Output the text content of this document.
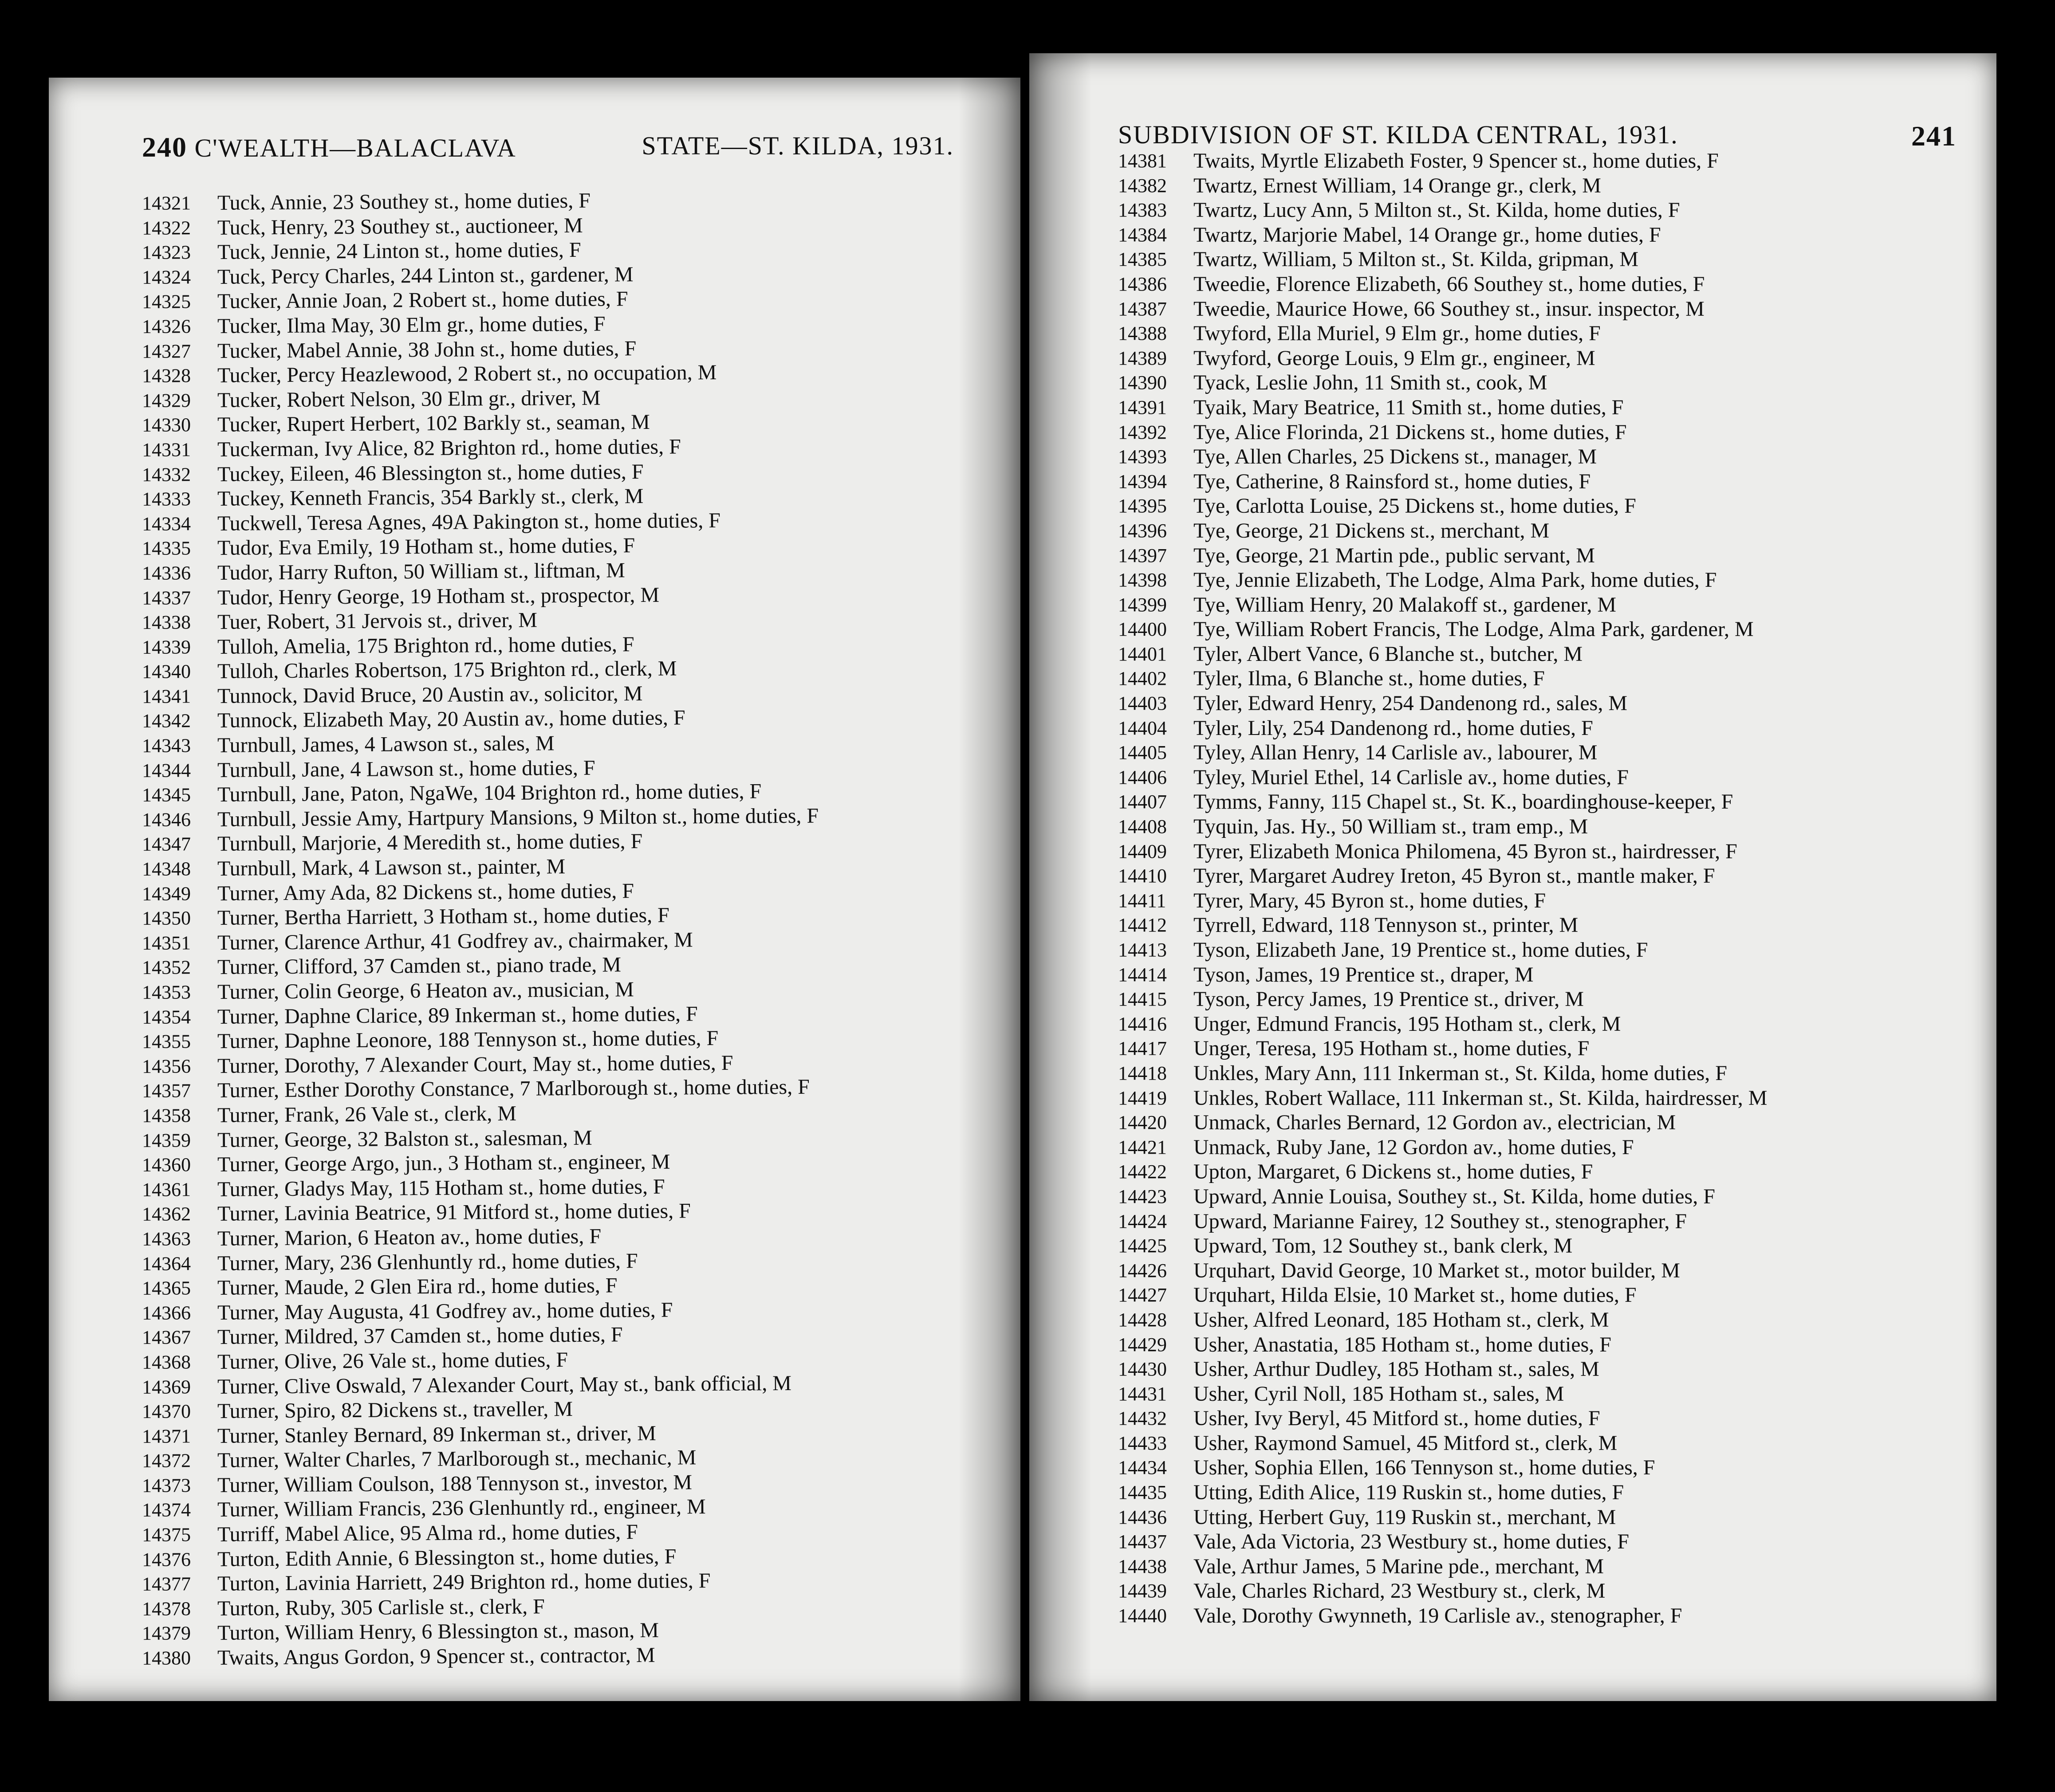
240 C'WEALTH—BALACLAVA	STATE—ST. KILDA, 1931.
14321	Tuck, Annie, 23 Southey st., home duties, F
14322	Tuck, Henry, 23 Southey st., auctioneer, M
14323	Tuck, Jennie, 24 Linton st., home duties, F
14324	Tuck, Percy Charles, 244 Linton st., gardener, M
14325	Tucker, Annie Joan, 2 Robert st., home duties, F
14326	Tucker, Ilma May, 30 Elm gr., home duties, F
14327	Tucker, Mabel Annie, 38 John st., home duties, F
14328	Tucker, Percy Heazlewood, 2 Robert st., no occupation, M
14329	Tucker, Robert Nelson, 30 Elm gr., driver, M
14330	Tucker, Rupert Herbert, 102 Barkly st., seaman, M
14331	Tuckerman, Ivy Alice, 82 Brighton rd., home duties, F
14332	Tuckey, Eileen, 46 Blessington st., home duties, F
14333	Tuckey, Kenneth Francis, 354 Barkly st., clerk, M
14334	Tuckwell, Teresa Agnes, 49A Pakington st., home duties, F
14335	Tudor, Eva Emily, 19 Hotham st., home duties, F
14336	Tudor, Harry Rufton, 50 William st., liftman, M
14337	Tudor, Henry George, 19 Hotham st., prospector, M
14338	Tuer, Robert, 31 Jervois st., driver, M
14339	Tulloh, Amelia, 175 Brighton rd., home duties, F
14340	Tulloh, Charles Robertson, 175 Brighton rd., clerk, M
14341	Tunnock, David Bruce, 20 Austin av., solicitor, M
14342	Tunnock, Elizabeth May, 20 Austin av., home duties, F
14343	Turnbull, James, 4 Lawson st., sales, M
14344	Turnbull, Jane, 4 Lawson st., home duties, F
14345	Turnbull, Jane, Paton, NgaWe, 104 Brighton rd., home duties, F
14346	Turnbull, Jessie Amy, Hartpury Mansions, 9 Milton st., home duties, F
14347	Turnbull, Marjorie, 4 Meredith st., home duties, F
14348	Turnbull, Mark, 4 Lawson st., painter, M
14349	Turner, Amy Ada, 82 Dickens st., home duties, F
14350	Turner, Bertha Harriett, 3 Hotham st., home duties, F
14351	Turner, Clarence Arthur, 41 Godfrey av., chairmaker, M
14352	Turner, Clifford, 37 Camden st., piano trade, M
14353	Turner, Colin George, 6 Heaton av., musician, M
14354	Turner, Daphne Clarice, 89 Inkerman st., home duties, F
14355	Turner, Daphne Leonore, 188 Tennyson st., home duties, F
14356	Turner, Dorothy, 7 Alexander Court, May st., home duties, F
14357	Turner, Esther Dorothy Constance, 7 Marlborough st., home duties, F
14358	Turner, Frank, 26 Vale st., clerk, M
14359	Turner, George, 32 Balston st., salesman, M
14360	Turner, George Argo, jun., 3 Hotham st., engineer, M
14361	Turner, Gladys May, 115 Hotham st., home duties, F
14362	Turner, Lavinia Beatrice, 91 Mitford st., home duties, F
14363	Turner, Marion, 6 Heaton av., home duties, F
14364	Turner, Mary, 236 Glenhuntly rd., home duties, F
14365	Turner, Maude, 2 Glen Eira rd., home duties, F
14366	Turner, May Augusta, 41 Godfrey av., home duties, F
14367	Turner, Mildred, 37 Camden st., home duties, F
14368	Turner, Olive, 26 Vale st., home duties, F
14369	Turner, Clive Oswald, 7 Alexander Court, May st., bank official, M
14370	Turner, Spiro, 82 Dickens st., traveller, M
14371	Turner, Stanley Bernard, 89 Inkerman st., driver, M
14372	Turner, Walter Charles, 7 Marlborough st., mechanic, M
14373	Turner, William Coulson, 188 Tennyson st., investor, M
14374	Turner, William Francis, 236 Glenhuntly rd., engineer, M
14375	Turriff, Mabel Alice, 95 Alma rd., home duties, F
14376	Turton, Edith Annie, 6 Blessington st., home duties, F
14377	Turton, Lavinia Harriett, 249 Brighton rd., home duties, F
14378	Turton, Ruby, 305 Carlisle st., clerk, F
14379	Turton, William Henry, 6 Blessington st., mason, M
14380	Twaits, Angus Gordon, 9 Spencer st., contractor, M
SUBDIVISION OF ST. KILDA CENTRAL, 1931.	241
14381	Twaits, Myrtle Elizabeth Foster, 9 Spencer st., home duties, F
14382	Twartz, Ernest William, 14 Orange gr., clerk, M
14383	Twartz, Lucy Ann, 5 Milton st., St. Kilda, home duties, F
14384	Twartz, Marjorie Mabel, 14 Orange gr., home duties, F
14385	Twartz, William, 5 Milton st., St. Kilda, gripman, M
14386	Tweedie, Florence Elizabeth, 66 Southey st., home duties, F
14387	Tweedie, Maurice Howe, 66 Southey st., insur. inspector, M
14388	Twyford, Ella Muriel, 9 Elm gr., home duties, F
14389	Twyford, George Louis, 9 Elm gr., engineer, M
14390	Tyack, Leslie John, 11 Smith st., cook, M
14391	Tyaik, Mary Beatrice, 11 Smith st., home duties, F
14392	Tye, Alice Florinda, 21 Dickens st., home duties, F
14393	Tye, Allen Charles, 25 Dickens st., manager, M
14394	Tye, Catherine, 8 Rainsford st., home duties, F
14395	Tye, Carlotta Louise, 25 Dickens st., home duties, F
14396	Tye, George, 21 Dickens st., merchant, M
14397	Tye, George, 21 Martin pde., public servant, M
14398	Tye, Jennie Elizabeth, The Lodge, Alma Park, home duties, F
14399	Tye, William Henry, 20 Malakoff st., gardener, M
14400	Tye, William Robert Francis, The Lodge, Alma Park, gardener, M
14401	Tyler, Albert Vance, 6 Blanche st., butcher, M
14402	Tyler, Ilma, 6 Blanche st., home duties, F
14403	Tyler, Edward Henry, 254 Dandenong rd., sales, M
14404	Tyler, Lily, 254 Dandenong rd., home duties, F
14405	Tyley, Allan Henry, 14 Carlisle av., labourer, M
14406	Tyley, Muriel Ethel, 14 Carlisle av., home duties, F
14407	Tymms, Fanny, 115 Chapel st., St. K., boardinghouse-keeper, F
14408	Tyquin, Jas. Hy., 50 William st., tram emp., M
14409	Tyrer, Elizabeth Monica Philomena, 45 Byron st., hairdresser, F
14410	Tyrer, Margaret Audrey Ireton, 45 Byron st., mantle maker, F
14411	Tyrer, Mary, 45 Byron st., home duties, F
14412	Tyrrell, Edward, 118 Tennyson st., printer, M
14413	Tyson, Elizabeth Jane, 19 Prentice st., home duties, F
14414	Tyson, James, 19 Prentice st., draper, M
14415	Tyson, Percy James, 19 Prentice st., driver, M
14416	Unger, Edmund Francis, 195 Hotham st., clerk, M
14417	Unger, Teresa, 195 Hotham st., home duties, F
14418	Unkles, Mary Ann, 111 Inkerman st., St. Kilda, home duties, F
14419	Unkles, Robert Wallace, 111 Inkerman st., St. Kilda, hairdresser, M
14420	Unmack, Charles Bernard, 12 Gordon av., electrician, M
14421	Unmack, Ruby Jane, 12 Gordon av., home duties, F
14422	Upton, Margaret, 6 Dickens st., home duties, F
14423	Upward, Annie Louisa, Southey st., St. Kilda, home duties, F
14424	Upward, Marianne Fairey, 12 Southey st., stenographer, F
14425	Upward, Tom, 12 Southey st., bank clerk, M
14426	Urquhart, David George, 10 Market st., motor builder, M
14427	Urquhart, Hilda Elsie, 10 Market st., home duties, F
14428	Usher, Alfred Leonard, 185 Hotham st., clerk, M
14429	Usher, Anastatia, 185 Hotham st., home duties, F
14430	Usher, Arthur Dudley, 185 Hotham st., sales, M
14431	Usher, Cyril Noll, 185 Hotham st., sales, M
14432	Usher, Ivy Beryl, 45 Mitford st., home duties, F
14433	Usher, Raymond Samuel, 45 Mitford st., clerk, M
14434	Usher, Sophia Ellen, 166 Tennyson st., home duties, F
14435	Utting, Edith Alice, 119 Ruskin st., home duties, F
14436	Utting, Herbert Guy, 119 Ruskin st., merchant, M
14437	Vale, Ada Victoria, 23 Westbury st., home duties, F
14438	Vale, Arthur James, 5 Marine pde., merchant, M
14439	Vale, Charles Richard, 23 Westbury st., clerk, M
14440	Vale, Dorothy Gwynneth, 19 Carlisle av., stenographer, F
